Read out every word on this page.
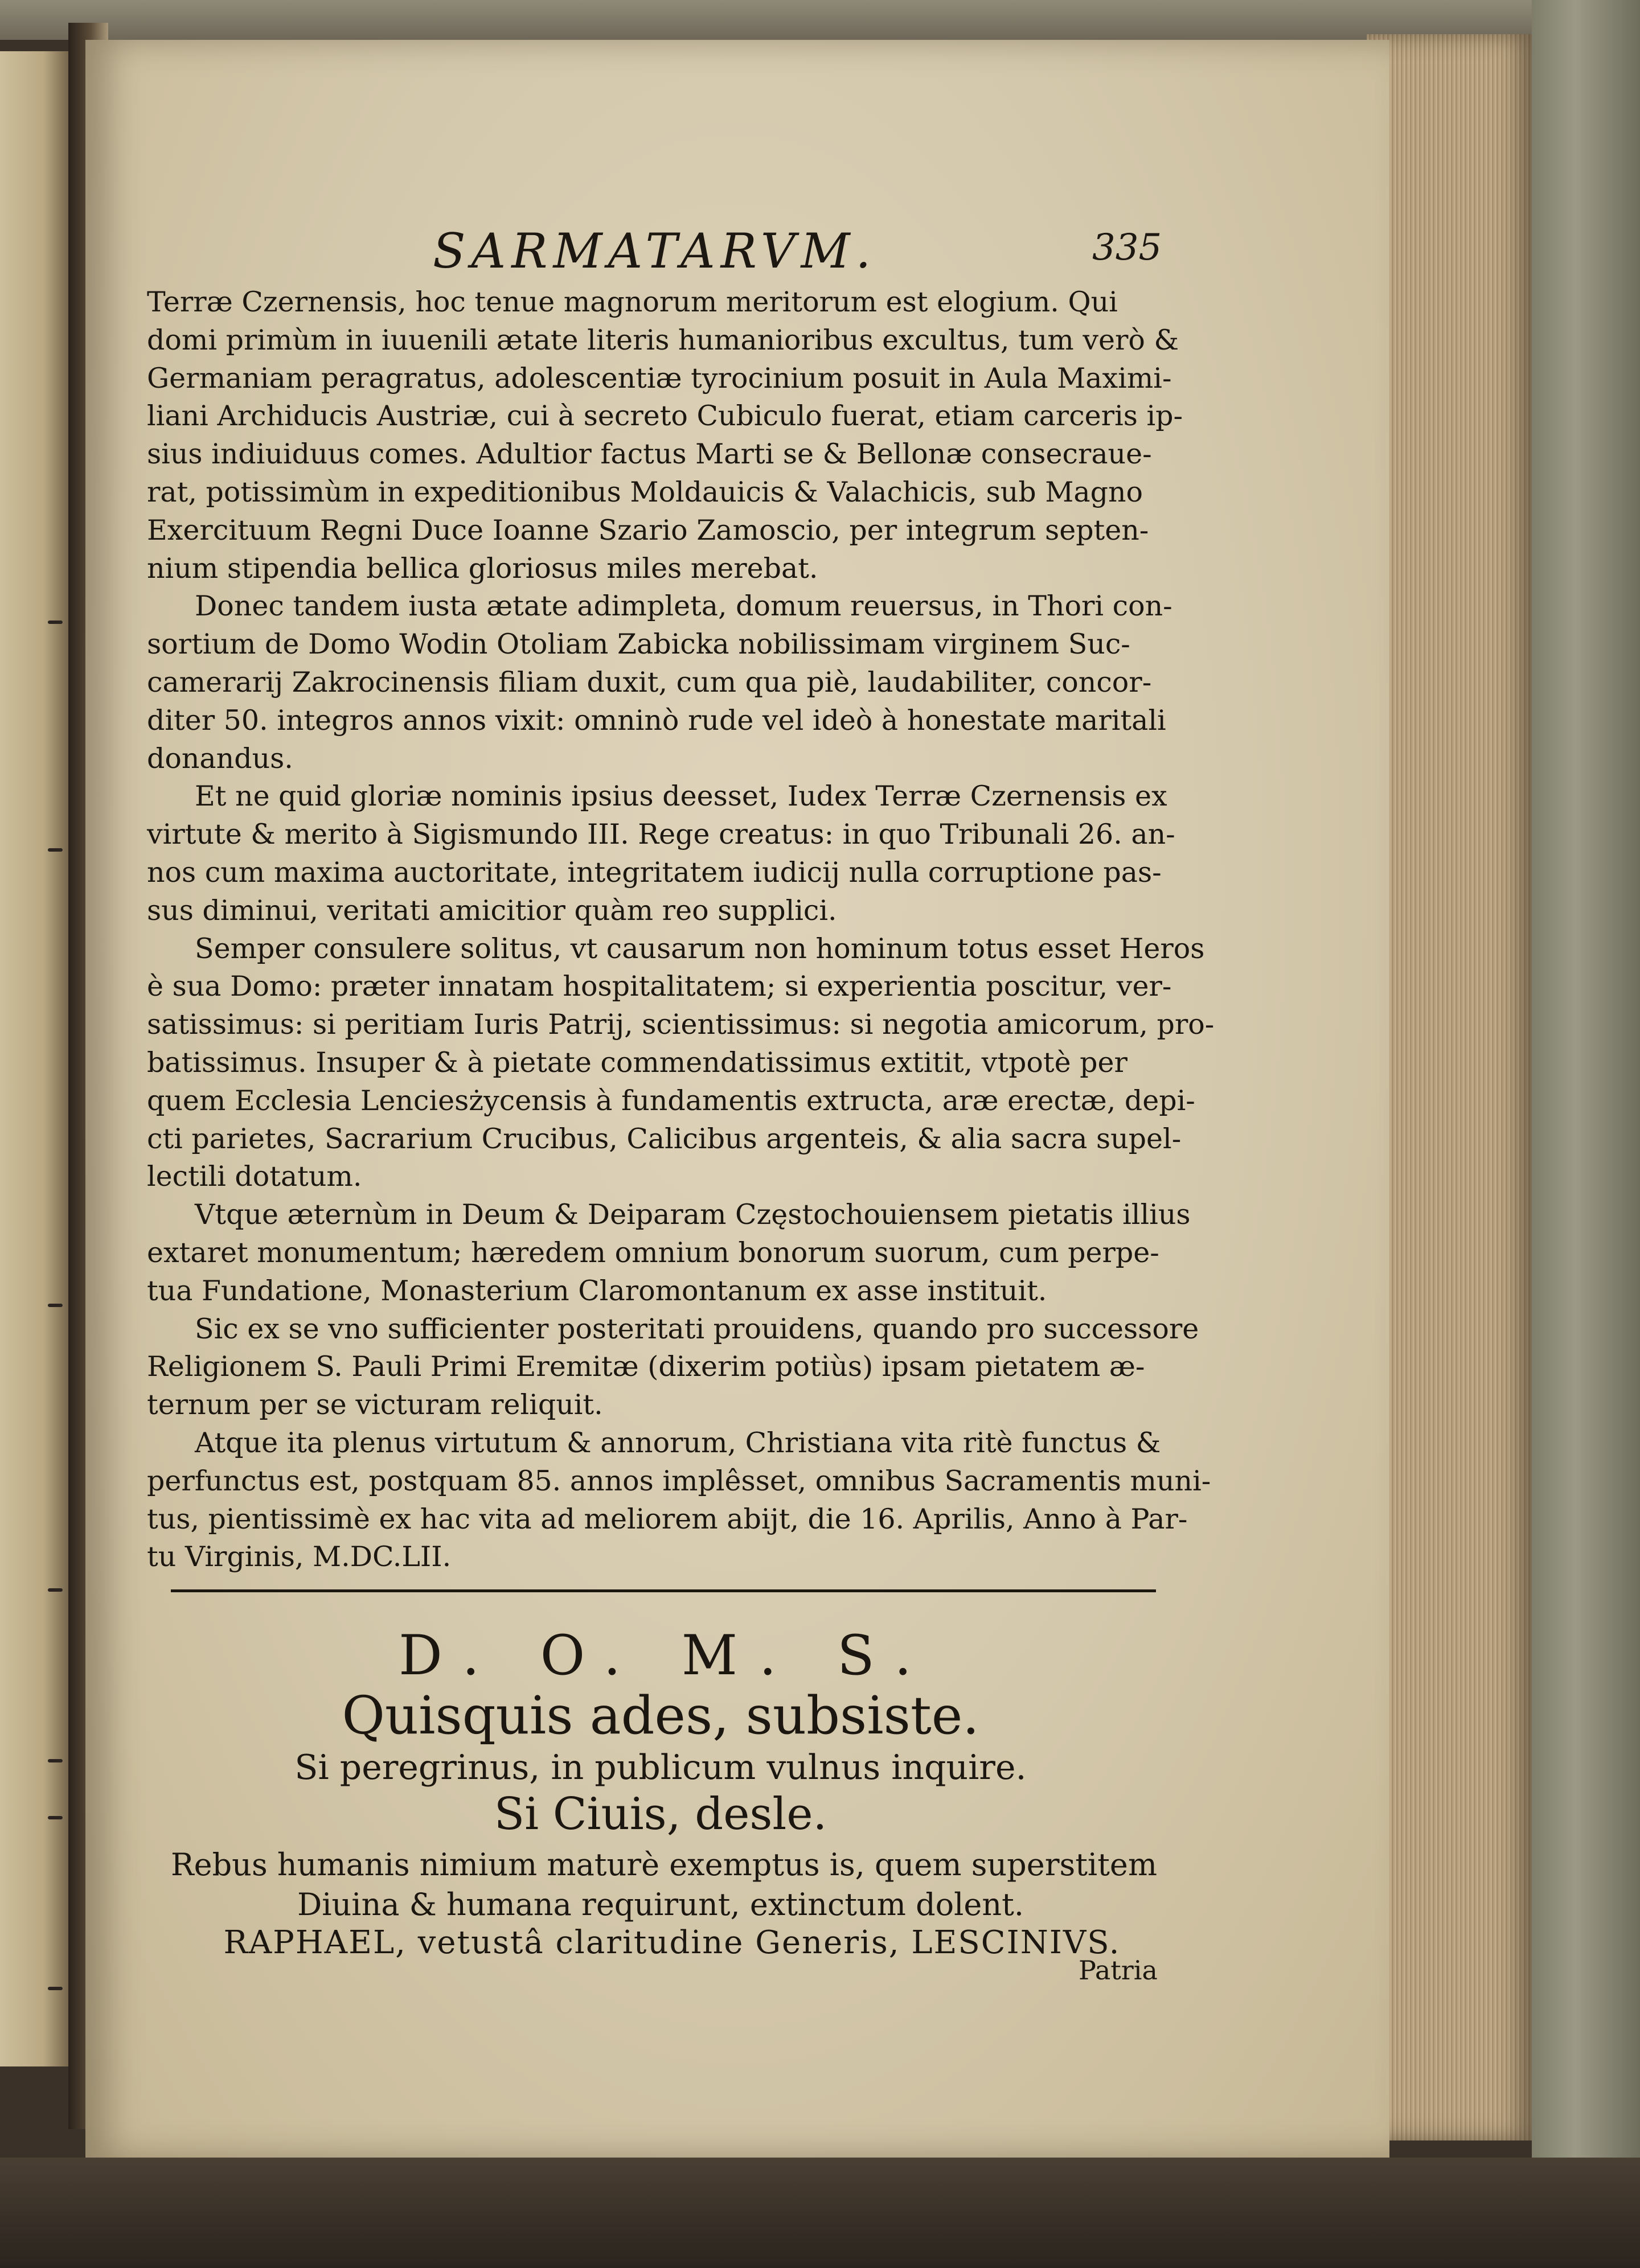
SARMATARVM.	335
Terræ Czernensis, hoc tenue magnorum meritorum est elogium. Qui
domi primùm in iuuenili ætate literis humanioribus excultus, tum verò &
Germaniam peragratus, adolescentiæ tyrocinium posuit in Aula Maximi-
liani Archiducis Austriæ, cui à secreto Cubiculo fuerat, etiam carceris ip-
sius indiuiduus comes. Adultior factus Marti se & Bellonæ consecraue-
rat, potissimùm in expeditionibus Moldauicis & Valachicis, sub Magno
Exercituum Regni Duce Ioanne Szario Zamoscio, per integrum septen-
nium stipendia bellica gloriosus miles merebat.
Donec tandem iusta ætate adimpleta, domum reuersus, in Thori con-
sortium de Domo Wodin Otoliam Zabicka nobilissimam virginem Suc-
camerarij Zakrocinensis filiam duxit, cum qua piè, laudabiliter, concor-
diter 50. integros annos vixit: omninò rude vel ideò à honestate maritali
donandus.
Et ne quid gloriæ nominis ipsius deesset, Iudex Terræ Czernensis ex
virtute & merito à Sigismundo III. Rege creatus: in quo Tribunali 26. an-
nos cum maxima auctoritate, integritatem iudicij nulla corruptione pas-
sus diminui, veritati amicitior quàm reo supplici.
Semper consulere solitus, vt causarum non hominum totus esset Heros
è sua Domo: præter innatam hospitalitatem; si experientia poscitur, ver-
satissimus: si peritiam Iuris Patrij, scientissimus: si negotia amicorum, pro-
batissimus. Insuper & à pietate commendatissimus extitit, vtpotè per
quem Ecclesia Lenciesżycensis à fundamentis extructa, aræ erectæ, depi-
cti parietes, Sacrarium Crucibus, Calicibus argenteis, & alia sacra supel-
lectili dotatum.
Vtque æternùm in Deum & Deiparam Częstochouiensem pietatis illius
extaret monumentum; hæredem omnium bonorum suorum, cum perpe-
tua Fundatione, Monasterium Claromontanum ex asse instituit.
Sic ex se vno sufficienter posteritati prouidens, quando pro successore
Religionem S. Pauli Primi Eremitæ (dixerim potiùs) ipsam pietatem æ-
ternum per se victuram reliquit.
Atque ita plenus virtutum & annorum, Christiana vita ritè functus &
perfunctus est, postquam 85. annos implêsset, omnibus Sacramentis muni-
tus, pientissimè ex hac vita ad meliorem abijt, die 16. Aprilis, Anno à Par-
tu Virginis, M.DC.LII.
D. O. M. S.
Quisquis ades, subsiste.
Si peregrinus, in publicum vulnus inquire.
Si Ciuis, desle.
Rebus humanis nimium maturè exemptus is, quem superstitem
Diuina & humana requirunt, extinctum dolent.
RAPHAEL, vetustâ claritudine Generis, LESCINIVS.
Patria
